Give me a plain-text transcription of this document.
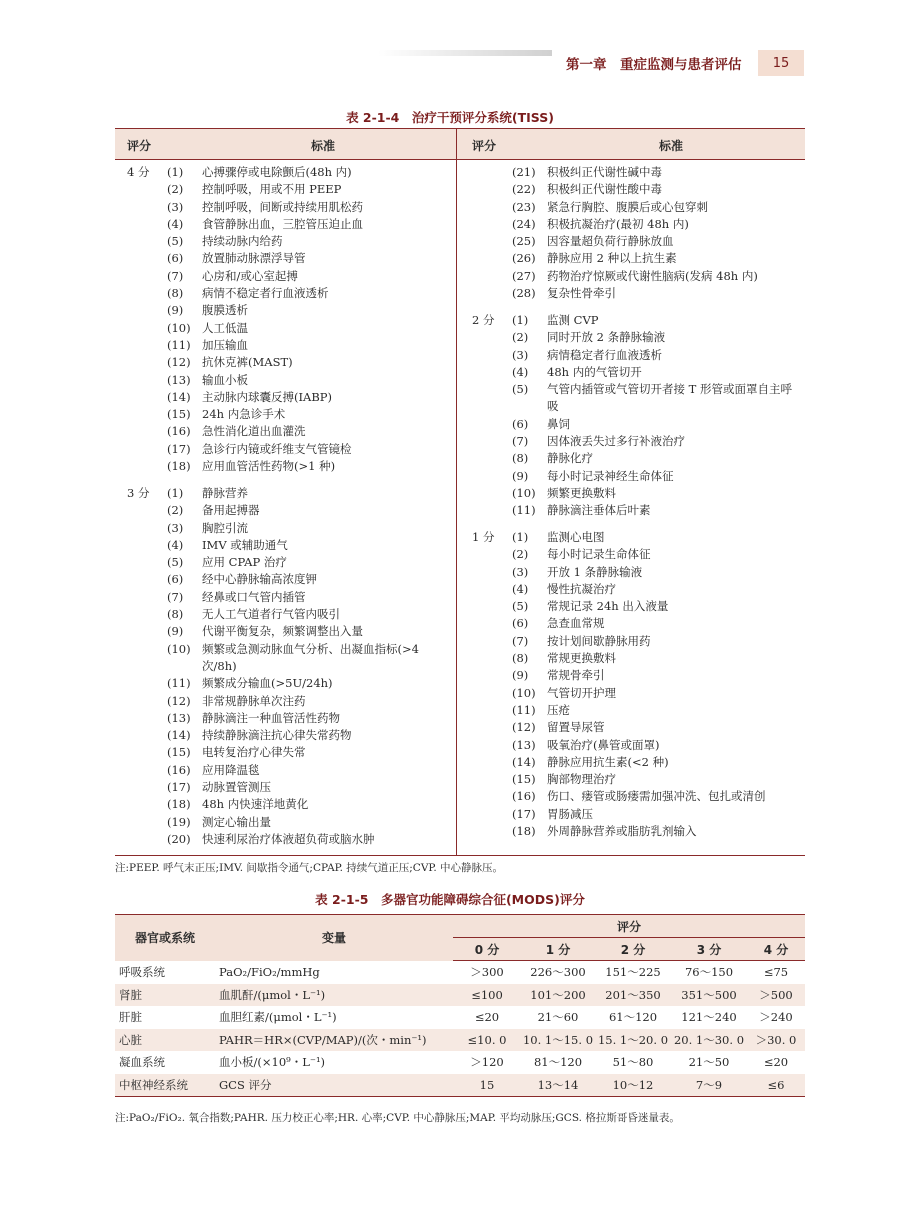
第一章　重症监测与患者评估	15
表 2-1-4　治疗干预评分系统(TISS)
评分	标准	评分	标准
4 分 (1) 心搏骤停或电除颤后(48h 内)
(2) 控制呼吸，用或不用 PEEP
(3) 控制呼吸，间断或持续用肌松药
(4) 食管静脉出血，三腔管压迫止血
(5) 持续动脉内给药
(6) 放置肺动脉漂浮导管
(7) 心房和/或心室起搏
(8) 病情不稳定者行血液透析
(9) 腹膜透析
(10) 人工低温
(11) 加压输血
(12) 抗休克裤(MAST)
(13) 输血小板
(14) 主动脉内球囊反搏(IABP)
(15) 24h 内急诊手术
(16) 急性消化道出血灌洗
(17) 急诊行内镜或纤维支气管镜检
(18) 应用血管活性药物(>1 种)
3 分 (1) 静脉营养
(2) 备用起搏器
(3) 胸腔引流
(4) IMV 或辅助通气
(5) 应用 CPAP 治疗
(6) 经中心静脉输高浓度钾
(7) 经鼻或口气管内插管
(8) 无人工气道者行气管内吸引
(9) 代谢平衡复杂，频繁调整出入量
(10) 频繁或急测动脉血气分析、出凝血指标(>4 次/8h)
(11) 频繁成分输血(>5U/24h)
(12) 非常规静脉单次注药
(13) 静脉滴注一种血管活性药物
(14) 持续静脉滴注抗心律失常药物
(15) 电转复治疗心律失常
(16) 应用降温毯
(17) 动脉置管测压
(18) 48h 内快速洋地黄化
(19) 测定心输出量
(20) 快速利尿治疗体液超负荷或脑水肿
(21) 积极纠正代谢性碱中毒
(22) 积极纠正代谢性酸中毒
(23) 紧急行胸腔、腹膜后或心包穿刺
(24) 积极抗凝治疗(最初 48h 内)
(25) 因容量超负荷行静脉放血
(26) 静脉应用 2 种以上抗生素
(27) 药物治疗惊厥或代谢性脑病(发病 48h 内)
(28) 复杂性骨牵引
2 分 (1) 监测 CVP
(2) 同时开放 2 条静脉输液
(3) 病情稳定者行血液透析
(4) 48h 内的气管切开
(5) 气管内插管或气管切开者接 T 形管或面罩自主呼吸
(6) 鼻饲
(7) 因体液丢失过多行补液治疗
(8) 静脉化疗
(9) 每小时记录神经生命体征
(10) 频繁更换敷料
(11) 静脉滴注垂体后叶素
1 分 (1) 监测心电图
(2) 每小时记录生命体征
(3) 开放 1 条静脉输液
(4) 慢性抗凝治疗
(5) 常规记录 24h 出入液量
(6) 急查血常规
(7) 按计划间歇静脉用药
(8) 常规更换敷料
(9) 常规骨牵引
(10) 气管切开护理
(11) 压疮
(12) 留置导尿管
(13) 吸氧治疗(鼻管或面罩)
(14) 静脉应用抗生素(<2 种)
(15) 胸部物理治疗
(16) 伤口、瘘管或肠瘘需加强冲洗、包扎或清创
(17) 胃肠减压
(18) 外周静脉营养或脂肪乳剂输入
注:PEEP. 呼气末正压;IMV. 间歇指令通气;CPAP. 持续气道正压;CVP. 中心静脉压。
表 2-1-5　多器官功能障碍综合征(MODS)评分
器官或系统	变量	评分				
		0 分	1 分	2 分	3 分	4 分
呼吸系统	PaO₂/FiO₂/mmHg	＞300	226～300	151～225	76～150	≤75
肾脏	血肌酐/(μmol・L⁻¹)	≤100	101～200	201～350	351～500	＞500
肝脏	血胆红素/(μmol・L⁻¹)	≤20	21～60	61～120	121～240	＞240
心脏	PAHR＝HR×(CVP/MAP)/(次・min⁻¹)	≤10. 0	10. 1～15. 0	15. 1～20. 0	20. 1～30. 0	＞30. 0
凝血系统	血小板/(×10⁹・L⁻¹)	＞120	81～120	51～80	21～50	≤20
中枢神经系统	GCS 评分	15	13～14	10～12	7～9	≤6
注:PaO₂/FiO₂. 氧合指数;PAHR. 压力校正心率;HR. 心率;CVP. 中心静脉压;MAP. 平均动脉压;GCS. 格拉斯哥昏迷量表。
